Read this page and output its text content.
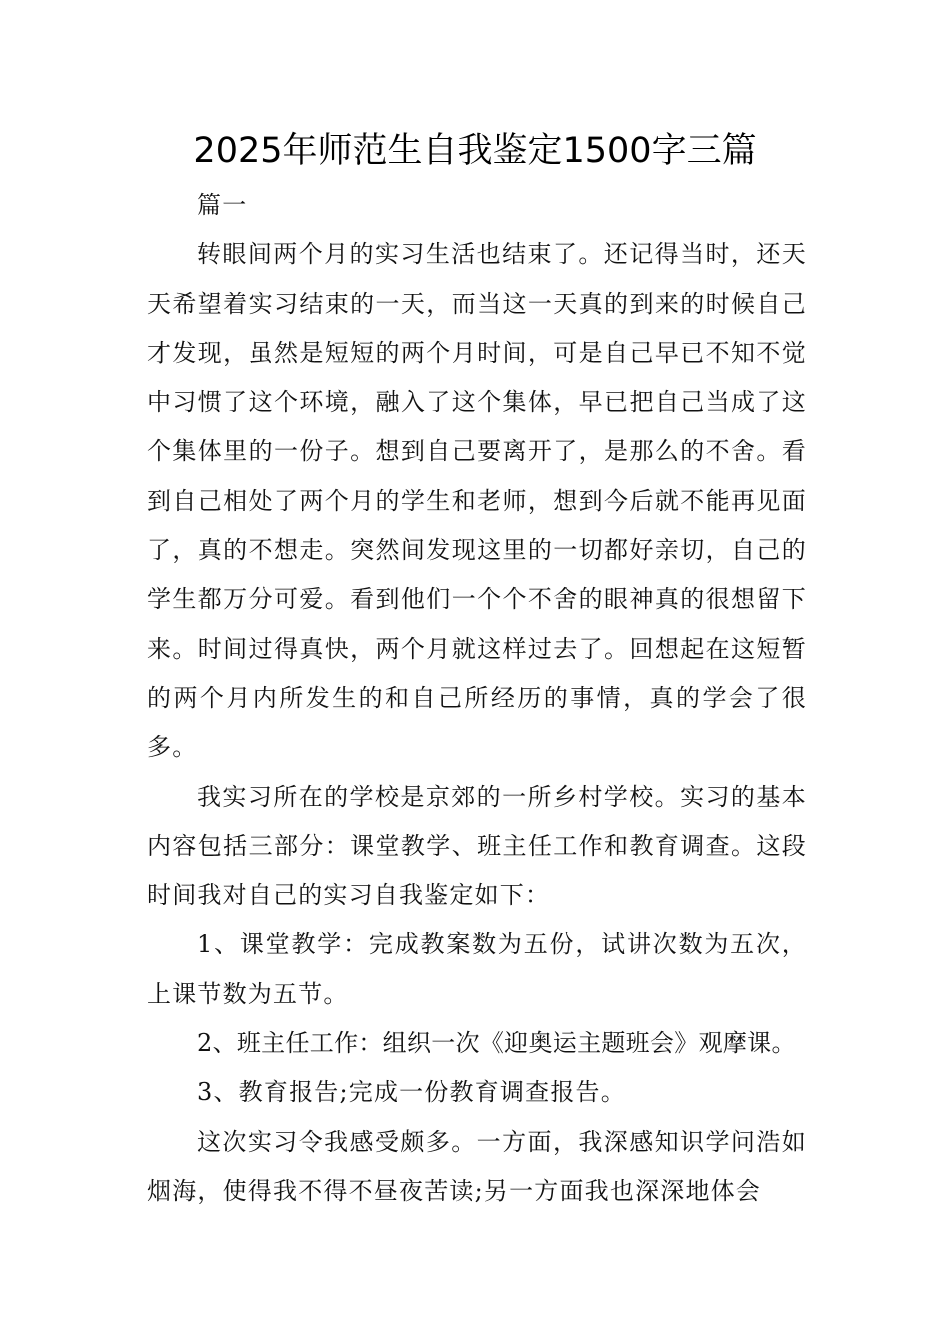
2025年师范生自我鉴定1500字三篇

篇一

转眼间两个月的实习生活也结束了。还记得当时，还天天希望着实习结束的一天，而当这一天真的到来的时候自己才发现，虽然是短短的两个月时间，可是自己早已不知不觉中习惯了这个环境，融入了这个集体，早已把自己当成了这个集体里的一份子。想到自己要离开了，是那么的不舍。看到自己相处了两个月的学生和老师，想到今后就不能再见面了，真的不想走。突然间发现这里的一切都好亲切，自己的学生都万分可爱。看到他们一个个不舍的眼神真的很想留下来。时间过得真快，两个月就这样过去了。回想起在这短暂的两个月内所发生的和自己所经历的事情，真的学会了很多。

我实习所在的学校是京郊的一所乡村学校。实习的基本内容包括三部分：课堂教学、班主任工作和教育调查。这段时间我对自己的实习自我鉴定如下：

1、课堂教学：完成教案数为五份，试讲次数为五次，上课节数为五节。

2、班主任工作：组织一次《迎奥运主题班会》观摩课。

3、教育报告;完成一份教育调查报告。

这次实习令我感受颇多。一方面，我深感知识学问浩如烟海，使得我不得不昼夜苦读;另一方面我也深深地体会
